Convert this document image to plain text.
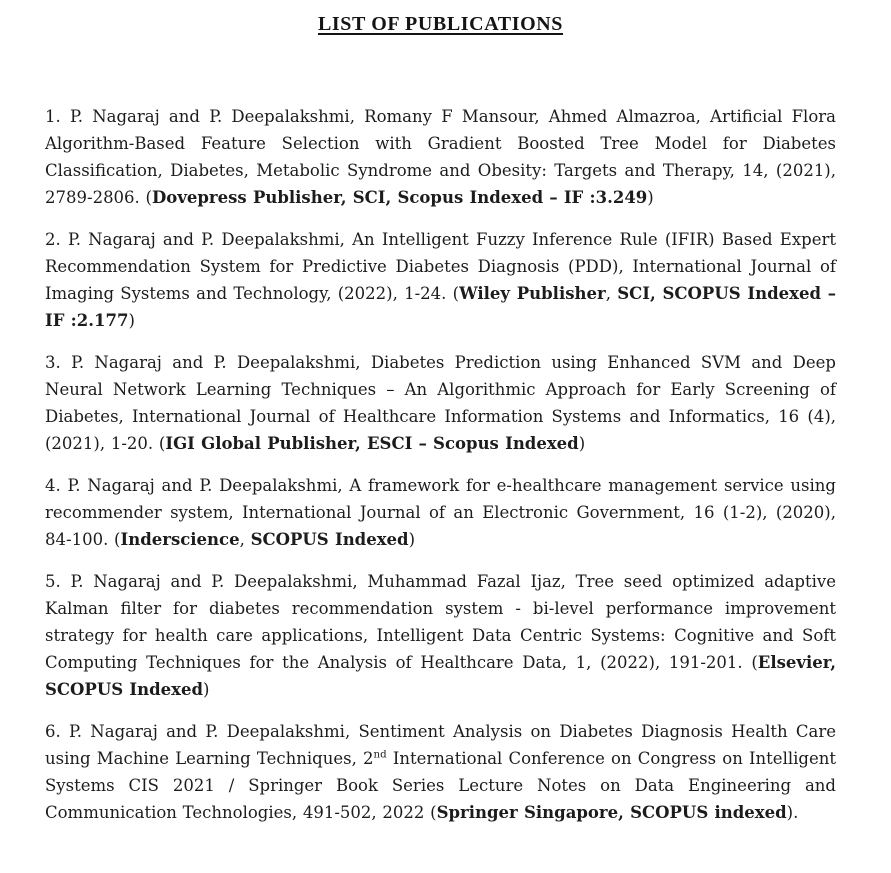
LIST OF PUBLICATIONS

1. P. Nagaraj and P. Deepalakshmi, Romany F Mansour, Ahmed Almazroa, Artificial Flora Algorithm-Based Feature Selection with Gradient Boosted Tree Model for Diabetes Classification, Diabetes, Metabolic Syndrome and Obesity: Targets and Therapy, 14, (2021), 2789-2806. (Dovepress Publisher, SCI, Scopus Indexed – IF :3.249)

2. P. Nagaraj and P. Deepalakshmi, An Intelligent Fuzzy Inference Rule (IFIR) Based Expert Recommendation System for Predictive Diabetes Diagnosis (PDD), International Journal of Imaging Systems and Technology, (2022), 1-24. (Wiley Publisher, SCI, SCOPUS Indexed – IF :2.177)

3. P. Nagaraj and P. Deepalakshmi, Diabetes Prediction using Enhanced SVM and Deep Neural Network Learning Techniques – An Algorithmic Approach for Early Screening of Diabetes, International Journal of Healthcare Information Systems and Informatics, 16 (4), (2021), 1-20. (IGI Global Publisher, ESCI – Scopus Indexed)

4. P. Nagaraj and P. Deepalakshmi, A framework for e-healthcare management service using recommender system, International Journal of an Electronic Government, 16 (1-2), (2020), 84-100. (Inderscience, SCOPUS Indexed)

5. P. Nagaraj and P. Deepalakshmi, Muhammad Fazal Ijaz, Tree seed optimized adaptive Kalman filter for diabetes recommendation system - bi-level performance improvement strategy for health care applications, Intelligent Data Centric Systems: Cognitive and Soft Computing Techniques for the Analysis of Healthcare Data, 1, (2022), 191-201. (Elsevier, SCOPUS Indexed)

6. P. Nagaraj and P. Deepalakshmi, Sentiment Analysis on Diabetes Diagnosis Health Care using Machine Learning Techniques, 2nd International Conference on Congress on Intelligent Systems CIS 2021 / Springer Book Series Lecture Notes on Data Engineering and Communication Technologies, 491-502, 2022 (Springer Singapore, SCOPUS indexed).
